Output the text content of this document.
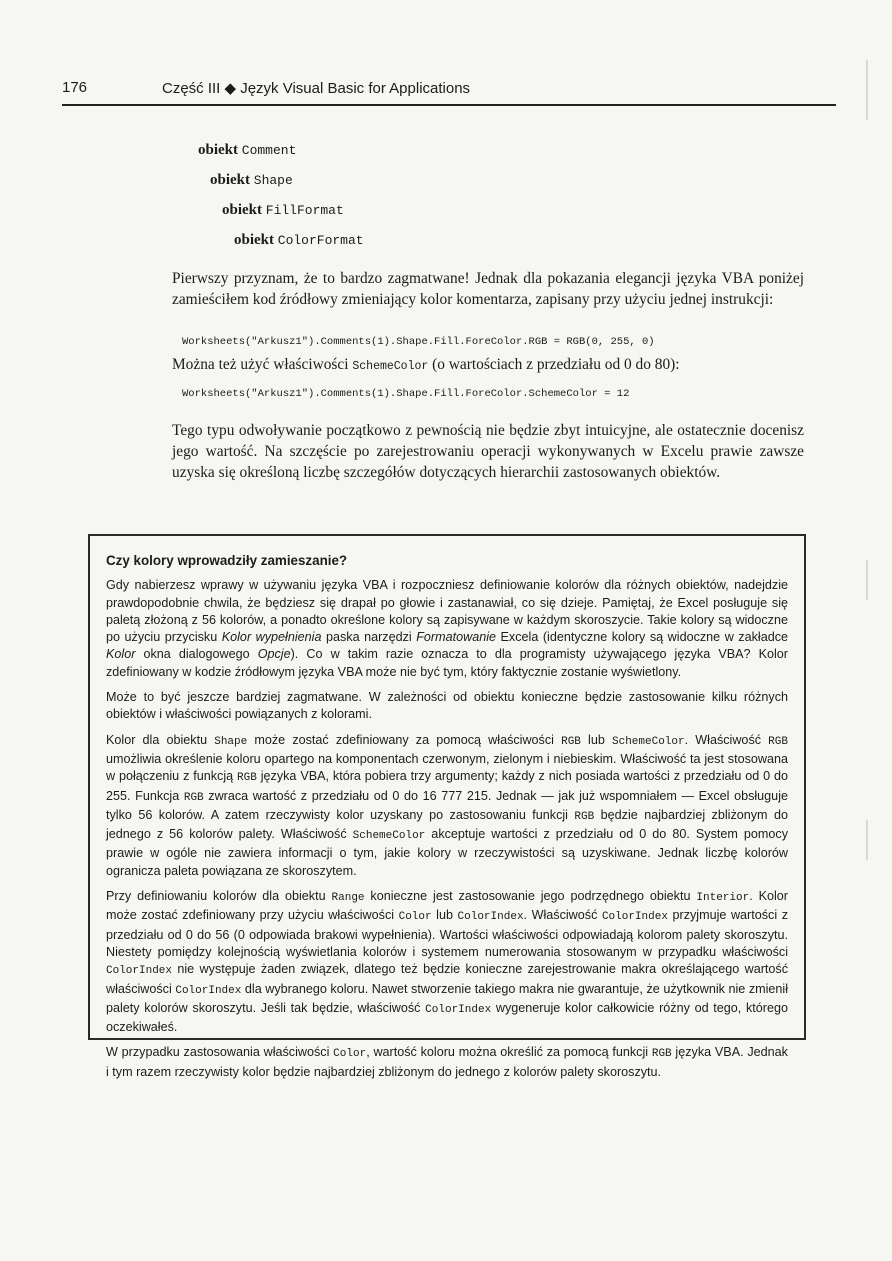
176	Część III ◆ Język Visual Basic for Applications
obiekt Comment
obiekt Shape
obiekt FillFormat
obiekt ColorFormat

Pierwszy przyznam, że to bardzo zagmatwane! Jednak dla pokazania elegancji języka VBA poniżej zamieściłem kod źródłowy zmieniający kolor komentarza, zapisany przy użyciu jednej instrukcji:

Worksheets("Arkusz1").Comments(1).Shape.Fill.ForeColor.RGB = RGB(0, 255, 0)

Można też użyć właściwości SchemeColor (o wartościach z przedziału od 0 do 80):

Worksheets("Arkusz1").Comments(1).Shape.Fill.ForeColor.SchemeColor = 12

Tego typu odwoływanie początkowo z pewnością nie będzie zbyt intuicyjne, ale ostatecznie docenisz jego wartość. Na szczęście po zarejestrowaniu operacji wykonywanych w Excelu prawie zawsze uzyska się określoną liczbę szczegółów dotyczących hierarchii zastosowanych obiektów.

Czy kolory wprowadziły zamieszanie?

Gdy nabierzesz wprawy w używaniu języka VBA i rozpoczniesz definiowanie kolorów dla różnych obiektów, nadejdzie prawdopodobnie chwila, że będziesz się drapał po głowie i zastanawiał, co się dzieje. Pamiętaj, że Excel posługuje się paletą złożoną z 56 kolorów, a ponadto określone kolory są zapisywane w każdym skoroszycie. Takie kolory są widoczne po użyciu przycisku Kolor wypełnienia paska narzędzi Formatowanie Excela (identyczne kolory są widoczne w zakładce Kolor okna dialogowego Opcje). Co w takim razie oznacza to dla programisty używającego języka VBA? Kolor zdefiniowany w kodzie źródłowym języka VBA może nie być tym, który faktycznie zostanie wyświetlony.

Może to być jeszcze bardziej zagmatwane. W zależności od obiektu konieczne będzie zastosowanie kilku różnych obiektów i właściwości powiązanych z kolorami.

Kolor dla obiektu Shape może zostać zdefiniowany za pomocą właściwości RGB lub SchemeColor. Właściwość RGB umożliwia określenie koloru opartego na komponentach czerwonym, zielonym i niebieskim. Właściwość ta jest stosowana w połączeniu z funkcją RGB języka VBA, która pobiera trzy argumenty; każdy z nich posiada wartości z przedziału od 0 do 255. Funkcja RGB zwraca wartość z przedziału od 0 do 16 777 215. Jednak — jak już wspomniałem — Excel obsługuje tylko 56 kolorów. A zatem rzeczywisty kolor uzyskany po zastosowaniu funkcji RGB będzie najbardziej zbliżonym do jednego z 56 kolorów palety. Właściwość SchemeColor akceptuje wartości z przedziału od 0 do 80. System pomocy prawie w ogóle nie zawiera informacji o tym, jakie kolory w rzeczywistości są uzyskiwane. Jednak liczbę kolorów ogranicza paleta powiązana ze skoroszytem.

Przy definiowaniu kolorów dla obiektu Range konieczne jest zastosowanie jego podrzędnego obiektu Interior. Kolor może zostać zdefiniowany przy użyciu właściwości Color lub ColorIndex. Właściwość ColorIndex przyjmuje wartości z przedziału od 0 do 56 (0 odpowiada brakowi wypełnienia). Wartości właściwości odpowiadają kolorom palety skoroszytu. Niestety pomiędzy kolejnością wyświetlania kolorów i systemem numerowania stosowanym w przypadku właściwości ColorIndex nie występuje żaden związek, dlatego też będzie konieczne zarejestrowanie makra określającego wartość właściwości ColorIndex dla wybranego koloru. Nawet stworzenie takiego makra nie gwarantuje, że użytkownik nie zmienił palety kolorów skoroszytu. Jeśli tak będzie, właściwość ColorIndex wygeneruje kolor całkowicie różny od tego, którego oczekiwałeś.

W przypadku zastosowania właściwości Color, wartość koloru można określić za pomocą funkcji RGB języka VBA. Jednak i tym razem rzeczywisty kolor będzie najbardziej zbliżonym do jednego z kolorów palety skoroszytu.
